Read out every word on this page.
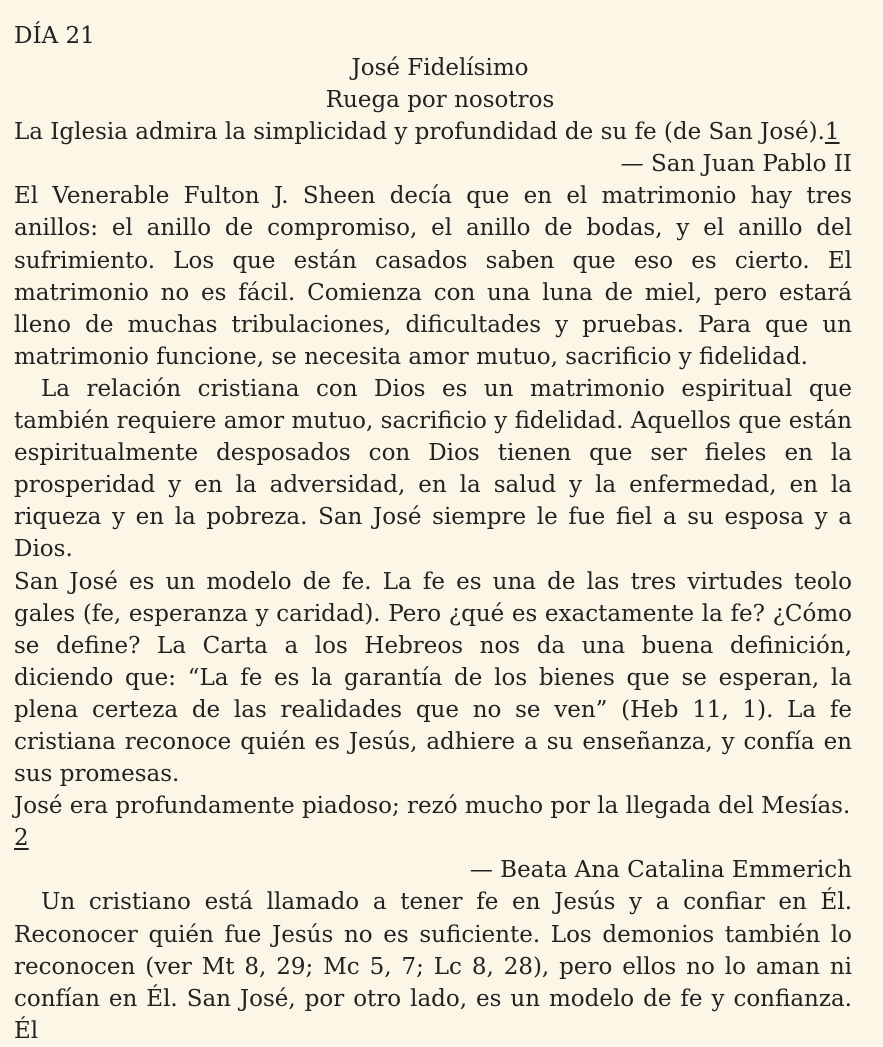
DÍA 21

José Fidelísimo

Ruega por nosotros

La Iglesia admira la simplicidad y profundidad de su fe (de San José).1

— San Juan Pablo II

El Venerable Fulton J. Sheen decía que en el matrimonio hay tres anillos: el anillo de compromiso, el anillo de bodas, y el anillo del sufrimiento. Los que están casados saben que eso es cierto. El matrimonio no es fácil. Comienza con una luna de miel, pero estará lleno de muchas tribulaciones, dificultades y pruebas. Para que un matrimonio funcione, se necesita amor mutuo, sacrificio y fidelidad.

La relación cristiana con Dios es un matrimonio espiritual que también requiere amor mutuo, sacrificio y fidelidad. Aquellos que están espiritualmente desposados con Dios tienen que ser fieles en la prosperidad y en la adversidad, en la salud y la enfermedad, en la riqueza y en la pobreza. San José siempre le fue fiel a su esposa y a Dios.

San José es un modelo de fe. La fe es una de las tres virtudes teolo gales (fe, esperanza y caridad). Pero ¿qué es exactamente la fe? ¿Cómo se define? La Carta a los Hebreos nos da una buena definición, diciendo que: “La fe es la garantía de los bienes que se esperan, la plena certeza de las realidades que no se ven” (Heb 11, 1). La fe cristiana reconoce quién es Jesús, adhiere a su enseñanza, y confía en sus promesas.

José era profundamente piadoso; rezó mucho por la llegada del Mesías. 2

— Beata Ana Catalina Emmerich

Un cristiano está llamado a tener fe en Jesús y a confiar en Él. Reconocer quién fue Jesús no es suficiente. Los demonios también lo reconocen (ver Mt 8, 29; Mc 5, 7; Lc 8, 28), pero ellos no lo aman ni confían en Él. San José, por otro lado, es un modelo de fe y confianza. Él
